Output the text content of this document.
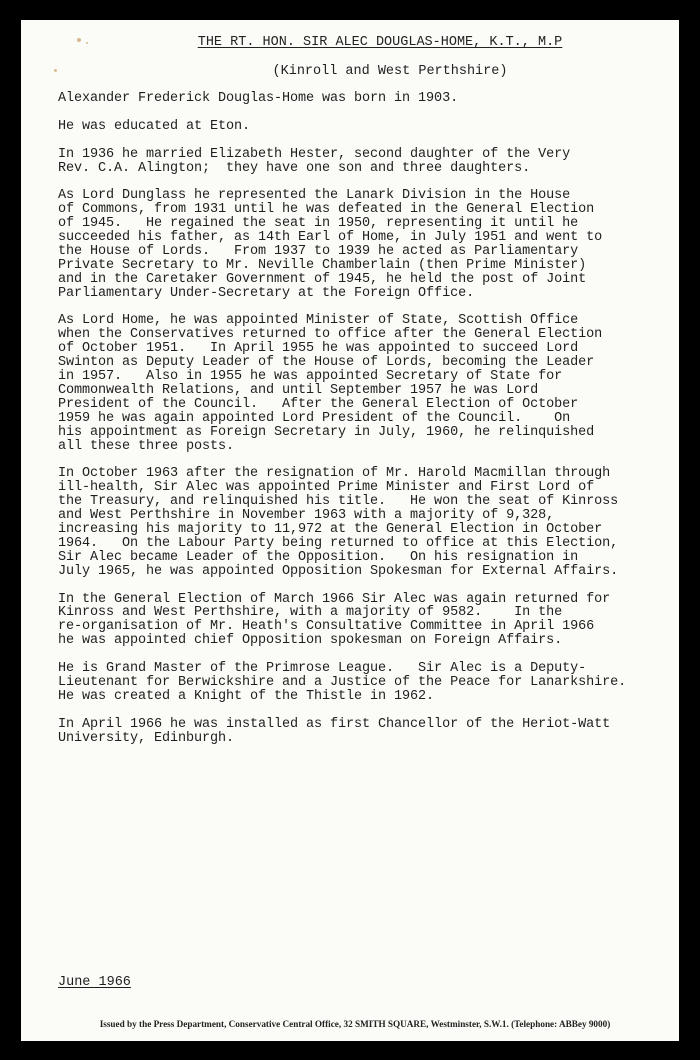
THE RT. HON. SIR ALEC DOUGLAS-HOME, K.T., M.P
(Kinroll and West Perthshire)
Alexander Frederick Douglas-Home was born in 1903.
He was educated at Eton.
In 1936 he married Elizabeth Hester, second daughter of the Very
Rev. C.A. Alington;  they have one son and three daughters.
As Lord Dunglass he represented the Lanark Division in the House
of Commons, from 1931 until he was defeated in the General Election
of 1945.   He regained the seat in 1950, representing it until he
succeeded his father, as 14th Earl of Home, in July 1951 and went to
the House of Lords.   From 1937 to 1939 he acted as Parliamentary
Private Secretary to Mr. Neville Chamberlain (then Prime Minister)
and in the Caretaker Government of 1945, he held the post of Joint
Parliamentary Under-Secretary at the Foreign Office.
As Lord Home, he was appointed Minister of State, Scottish Office
when the Conservatives returned to office after the General Election
of October 1951.   In April 1955 he was appointed to succeed Lord
Swinton as Deputy Leader of the House of Lords, becoming the Leader
in 1957.   Also in 1955 he was appointed Secretary of State for
Commonwealth Relations, and until September 1957 he was Lord
President of the Council.   After the General Election of October
1959 he was again appointed Lord President of the Council.    On
his appointment as Foreign Secretary in July, 1960, he relinquished
all these three posts.
In October 1963 after the resignation of Mr. Harold Macmillan through
ill-health, Sir Alec was appointed Prime Minister and First Lord of
the Treasury, and relinquished his title.   He won the seat of Kinross
and West Perthshire in November 1963 with a majority of 9,328,
increasing his majority to 11,972 at the General Election in October
1964.   On the Labour Party being returned to office at this Election,
Sir Alec became Leader of the Opposition.   On his resignation in
July 1965, he was appointed Opposition Spokesman for External Affairs.
In the General Election of March 1966 Sir Alec was again returned for
Kinross and West Perthshire, with a majority of 9582.    In the
re-organisation of Mr. Heath's Consultative Committee in April 1966
he was appointed chief Opposition spokesman on Foreign Affairs.
He is Grand Master of the Primrose League.   Sir Alec is a Deputy-
Lieutenant for Berwickshire and a Justice of the Peace for Lanarkshire.
He was created a Knight of the Thistle in 1962.
In April 1966 he was installed as first Chancellor of the Heriot-Watt
University, Edinburgh.
June 1966
Issued by the Press Department, Conservative Central Office, 32 SMITH SQUARE, Westminster, S.W.1. (Telephone: ABBey 9000)
